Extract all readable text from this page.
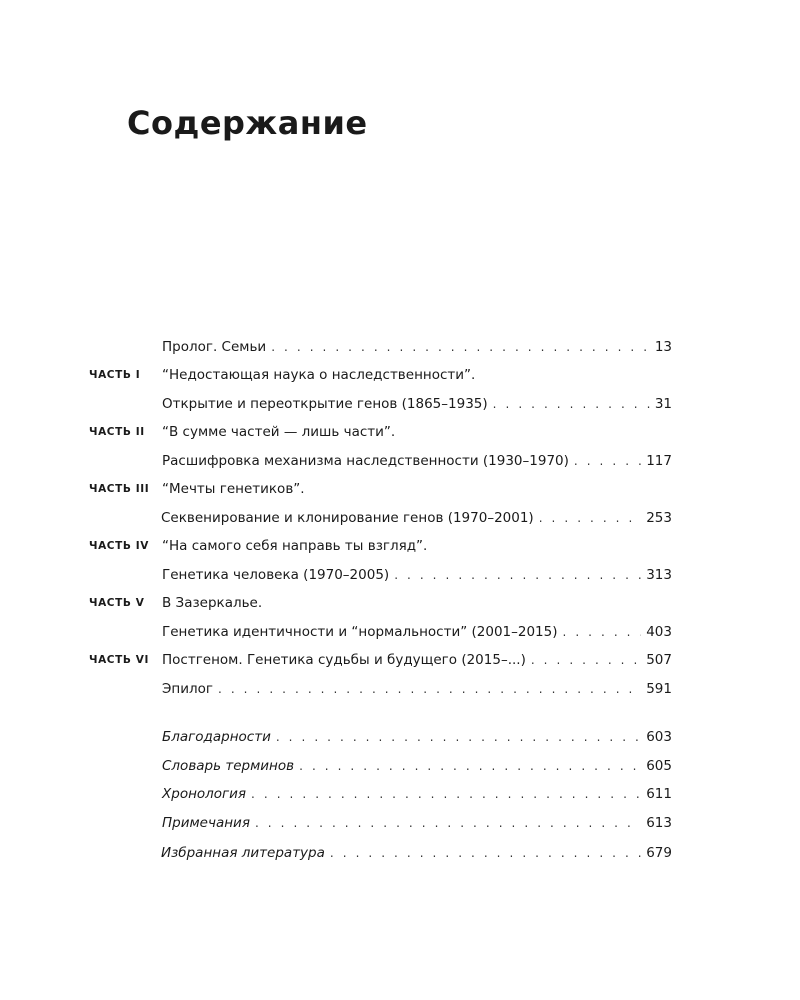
Содержание
Пролог. Семьи . . .	13
ЧАСТЬ I “Недостающая наука о наследственности”.
Открытие и переоткрытие генов (1865–1935) . . .	31
ЧАСТЬ II “В сумме частей — лишь части”.
Расшифровка механизма наследственности (1930–1970) . . .	117
ЧАСТЬ III “Мечты генетиков”.
Секвенирование и клонирование генов (1970–2001) . . .	253
ЧАСТЬ IV “На самого себя направь ты взгляд”.
Генетика человека (1970–2005) . . .	313
ЧАСТЬ V В Зазеркалье.
Генетика идентичности и “нормальности” (2001–2015) . . .	403
ЧАСТЬ VI Постгеном. Генетика судьбы и будущего (2015–...) . . .	507
Эпилог . . .	591
Благодарности . . .	603
Словарь терминов . . .	605
Хронология . . .	611
Примечания . . .	613
Избранная литература . . .	679
